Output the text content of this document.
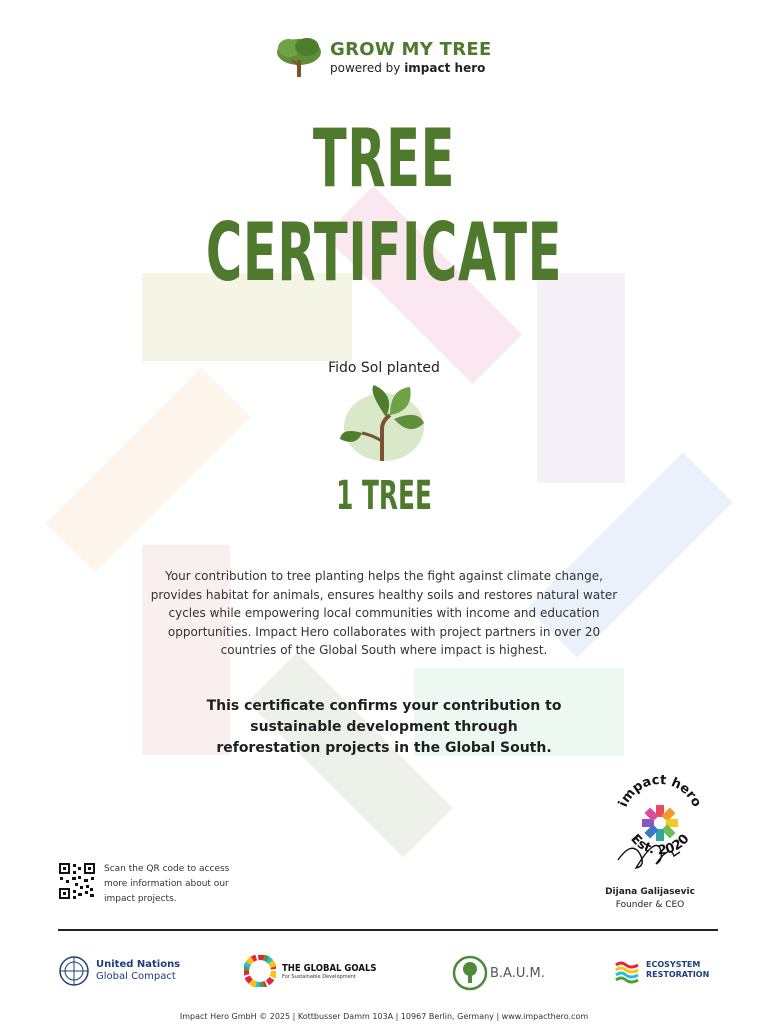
GROW MY TREE
powered by impact hero
TREE CERTIFICATE
Fido Sol planted
1 TREE
Your contribution to tree planting helps the fight against climate change, provides habitat for animals, ensures healthy soils and restores natural water cycles while empowering local communities with income and education opportunities. Impact Hero collaborates with project partners in over 20 countries of the Global South where impact is highest.
This certificate confirms your contribution to
sustainable development through
reforestation projects in the Global South.
Scan the QR code to access
more information about our
impact projects.
impact hero
Est. 2020
Dijana Galijasevic
Founder & CEO
United Nations
Global Compact
THE GLOBAL GOALS
For Sustainable Development	B.A.U.M.
ECOSYSTEM
RESTORATION
Impact Hero GmbH © 2025 | Kottbusser Damm 103A | 10967 Berlin, Germany | www.impacthero.com
